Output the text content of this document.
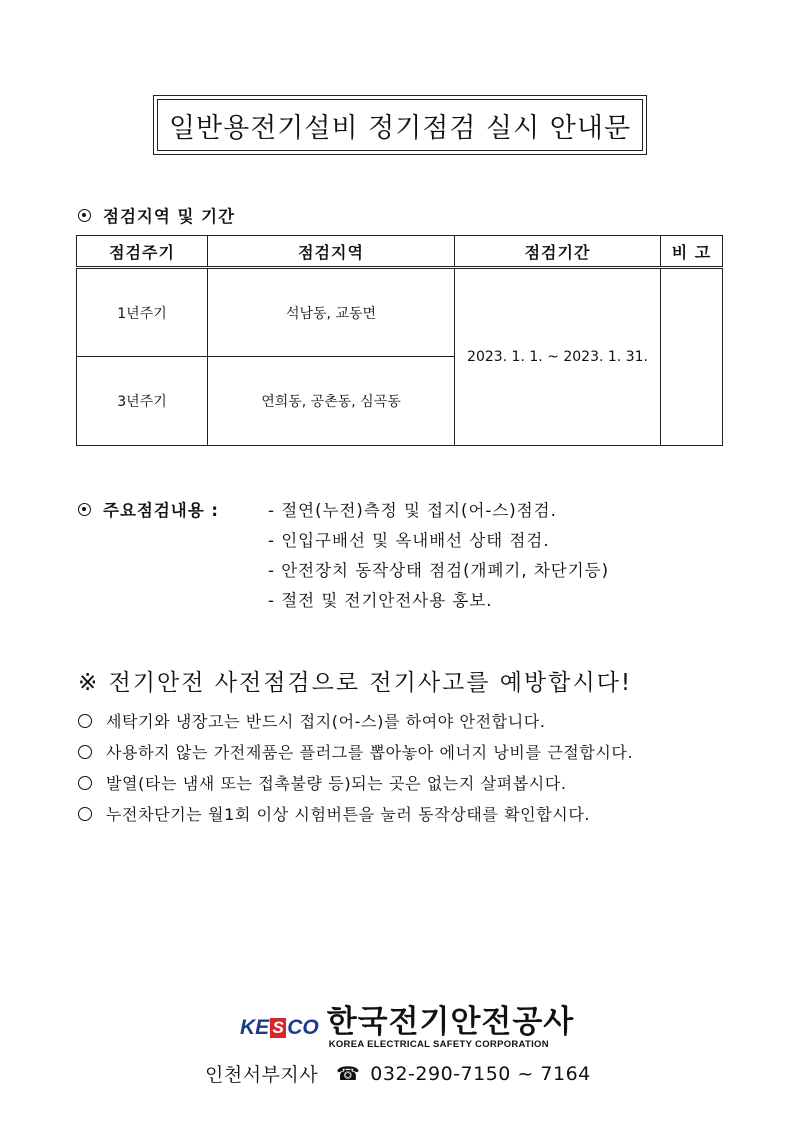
일반용전기설비 정기점검 실시 안내문
점검지역 및 기간
점검주기	점검지역	점검기간	비 고
1년주기	석남동, 교동면	2023. 1. 1. ~ 2023. 1. 31.	
3년주기	연희동, 공촌동, 심곡동		
주요점검내용 :	- 절연(누전)측정 및 접지(어-스)점검.
- 인입구배선 및 옥내배선 상태 점검.
- 안전장치 동작상태 점검(개폐기, 차단기등)
- 절전 및 전기안전사용 홍보.
※ 전기안전 사전점검으로 전기사고를 예방합시다!
세탁기와 냉장고는 반드시 접지(어-스)를 하여야 안전합니다.
사용하지 않는 가전제품은 플러그를 뽑아놓아 에너지 낭비를 근절합시다.
발열(타는 냄새 또는 접촉불량 등)되는 곳은 없는지 살펴봅시다.
누전차단기는 월1회 이상 시험버튼을 눌러 동작상태를 확인합시다.
KE S CO 한국전기안전공사
KOREA ELECTRICAL SAFETY CORPORATION
인천서부지사 ☎ 032-290-7150 ~ 7164
